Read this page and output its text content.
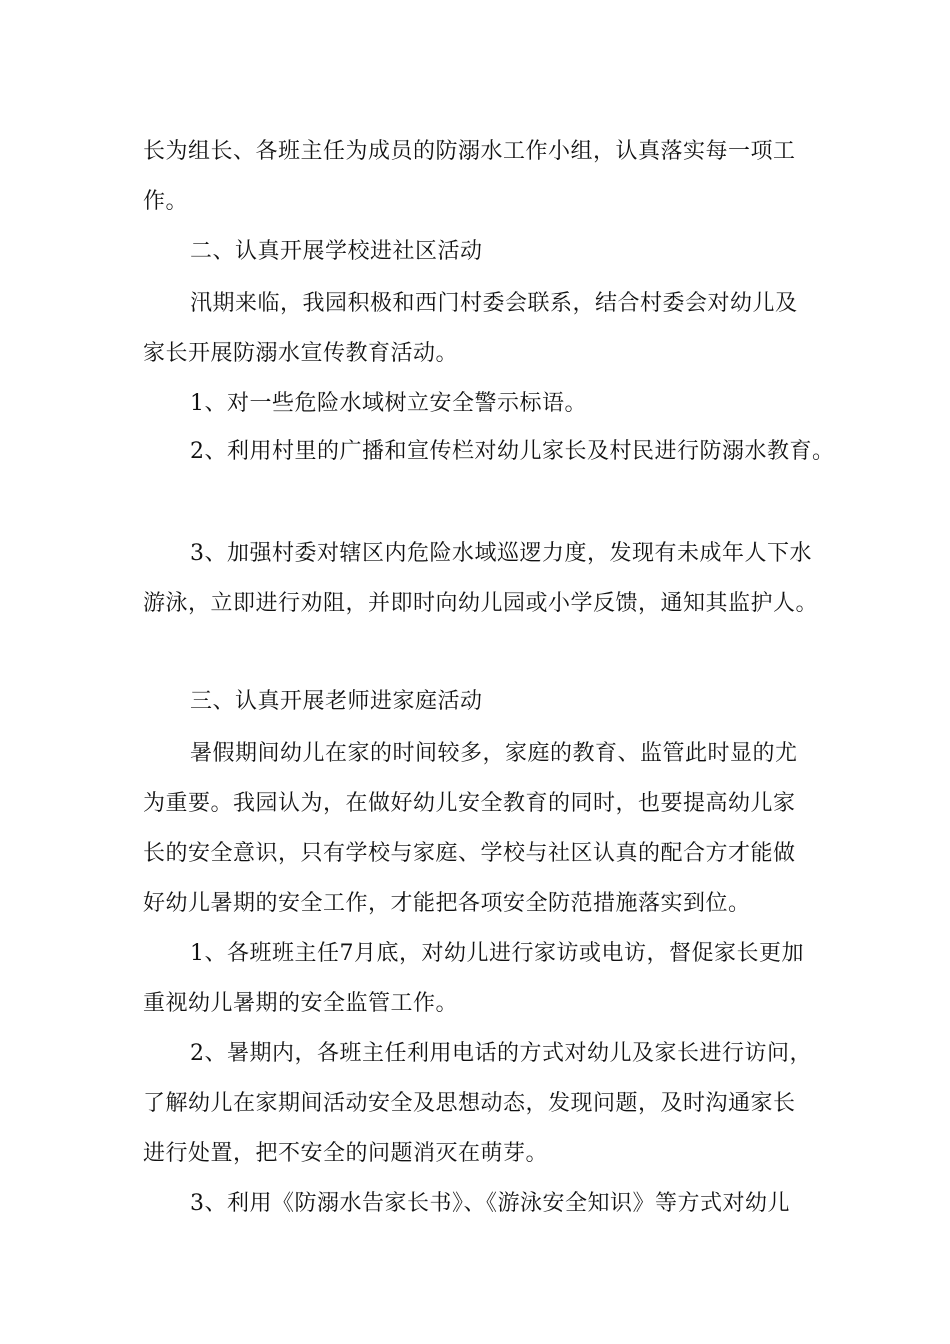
长为组长、各班主任为成员的防溺水工作小组，认真落实每一项工
作。
二、认真开展学校进社区活动
汛期来临，我园积极和西门村委会联系，结合村委会对幼儿及
家长开展防溺水宣传教育活动。
1、对一些危险水域树立安全警示标语。
2、利用村里的广播和宣传栏对幼儿家长及村民进行防溺水教育。
3、加强村委对辖区内危险水域巡逻力度，发现有未成年人下水
游泳，立即进行劝阻，并即时向幼儿园或小学反馈，通知其监护人。
三、认真开展老师进家庭活动
暑假期间幼儿在家的时间较多，家庭的教育、监管此时显的尤
为重要。我园认为，在做好幼儿安全教育的同时，也要提高幼儿家
长的安全意识，只有学校与家庭、学校与社区认真的配合方才能做
好幼儿暑期的安全工作，才能把各项安全防范措施落实到位。
1、各班班主任7月底，对幼儿进行家访或电访，督促家长更加
重视幼儿暑期的安全监管工作。
2、暑期内，各班主任利用电话的方式对幼儿及家长进行访问，
了解幼儿在家期间活动安全及思想动态，发现问题，及时沟通家长
进行处置，把不安全的问题消灭在萌芽。
3、利用《防溺水告家长书》、《游泳安全知识》等方式对幼儿
